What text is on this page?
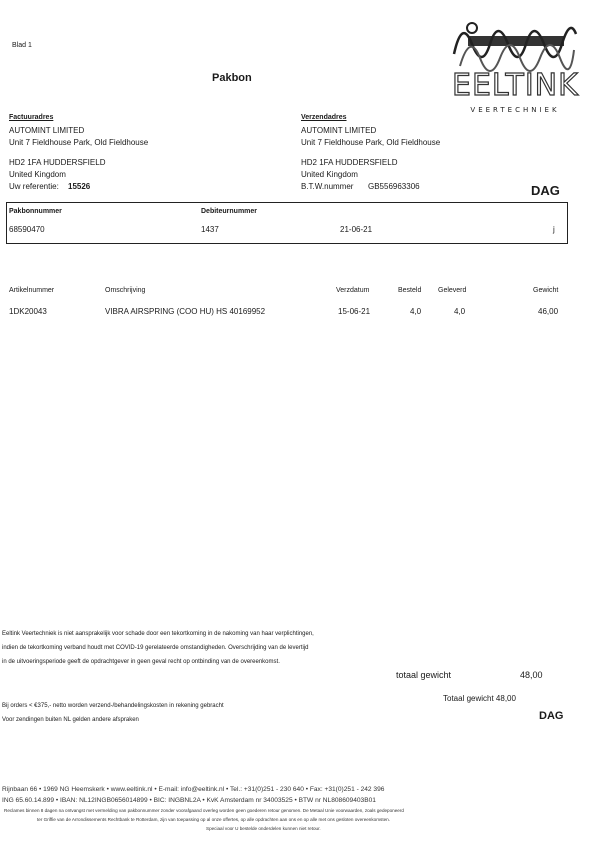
Blad 1
Pakbon	EELTINK
VEERTECHNIEK
Factuuradres
AUTOMINT LIMITED
Unit 7 Fieldhouse Park, Old Fieldhouse
HD2 1FA HUDDERSFIELD
United Kingdom
Uw referentie: 15526
Verzendadres
AUTOMINT LIMITED
Unit 7 Fieldhouse Park, Old Fieldhouse
HD2 1FA HUDDERSFIELD
United Kingdom
B.T.W.nummer GB556963306	DAG
Pakbonnummer	Debiteurnummer
68590470	1437	21-06-21	j
Artikelnummer	Omschrijving	Verzdatum	Besteld Geleverd	Gewicht
1DK20043	VIBRA AIRSPRING (COO HU) HS 40169952	15-06-21	4,0	4,0	46,00
Eeltink Veertechniek is niet aansprakelijk voor schade door een tekortkoming in de nakoming van haar verplichtingen,
indien de tekortkoming verband houdt met COVID-19 gerelateerde omstandigheden. Overschrijding van de levertijd
in de uitvoeringsperiode geeft de opdrachtgever in geen geval recht op ontbinding van de overeenkomst.
totaal gewicht	48,00
Totaal gewicht 48,00
Bij orders < €375,- netto worden verzend-/behandelingskosten in rekening gebracht
DAG
Voor zendingen buiten NL gelden andere afspraken
Rijnbaan 66 • 1969 NG Heemskerk • www.eeltink.nl • E-mail: info@eeltink.nl • Tel.: +31(0)251 - 230 640 • Fax: +31(0)251 - 242 396
ING 65.60.14.899 • IBAN: NL12INGB0656014899 • BIC: INGBNL2A • KvK Amsterdam nr 34003525 • BTW nr NL808609403B01
Reclames binnen 8 dagen na ontvangst met vermelding van pakbonnummer zonder voorafgaand overleg worden geen goederen retour genomen. De Metaal Unie voorwaarden, zoals gedeponeerd
ter Griffie van de Arrondissements Rechtbank te Rotterdam, zijn van toepassing op al onze offertes, op alle opdrachten aan ons en op alle met ons gesloten overeenkomsten.
Speciaal voor U bestelde onderdelen kunnen niet retour.
